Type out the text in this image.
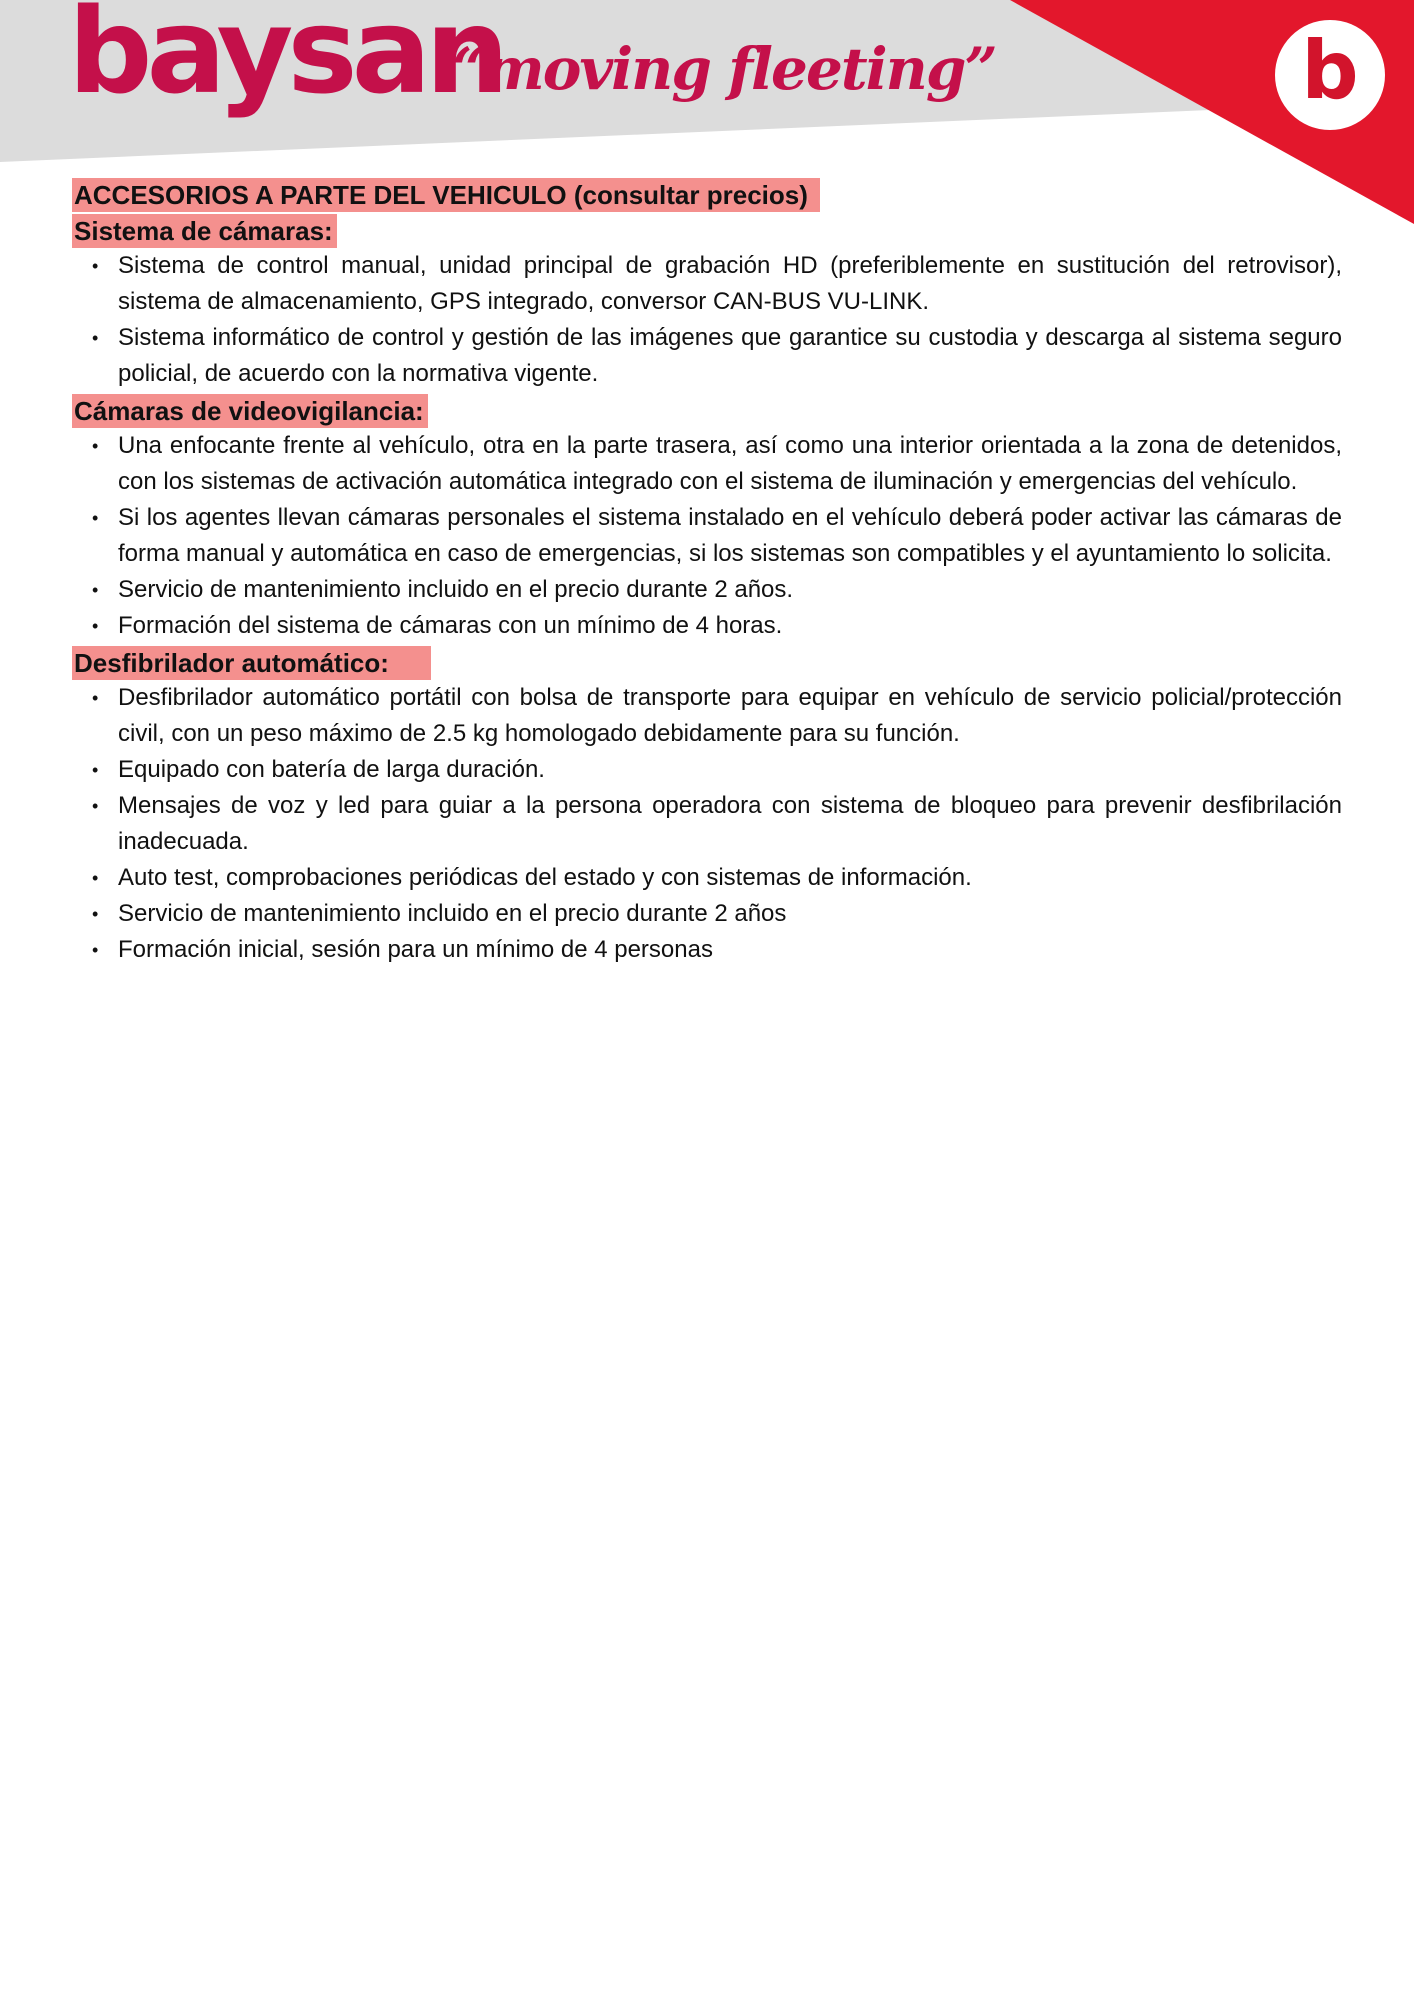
baysan
“moving fleeting”	b
ACCESORIOS A PARTE DEL VEHICULO (consultar precios)
Sistema de cámaras:
• Sistema de control manual, unidad principal de grabación HD (preferiblemente en sustitución del retrovisor), sistema de almacenamiento, GPS integrado, conversor CAN-BUS VU-LINK.
• Sistema informático de control y gestión de las imágenes que garantice su custodia y descarga al sistema seguro policial, de acuerdo con la normativa vigente.
Cámaras de videovigilancia:
• Una enfocante frente al vehículo, otra en la parte trasera, así como una interior orientada a la zona de detenidos, con los sistemas de activación automática integrado con el sistema de iluminación y emergencias del vehículo.
• Si los agentes llevan cámaras personales el sistema instalado en el vehículo deberá poder activar las cámaras de forma manual y automática en caso de emergencias, si los sistemas son compatibles y el ayuntamiento lo solicita.
• Servicio de mantenimiento incluido en el precio durante 2 años.
• Formación del sistema de cámaras con un mínimo de 4 horas.
Desfibrilador automático:
• Desfibrilador automático portátil con bolsa de transporte para equipar en vehículo de servicio policial/protección civil, con un peso máximo de 2.5 kg homologado debidamente para su función.
• Equipado con batería de larga duración.
• Mensajes de voz y led para guiar a la persona operadora con sistema de bloqueo para prevenir desfibrilación inadecuada.
• Auto test, comprobaciones periódicas del estado y con sistemas de información.
• Servicio de mantenimiento incluido en el precio durante 2 años
• Formación inicial, sesión para un mínimo de 4 personas
